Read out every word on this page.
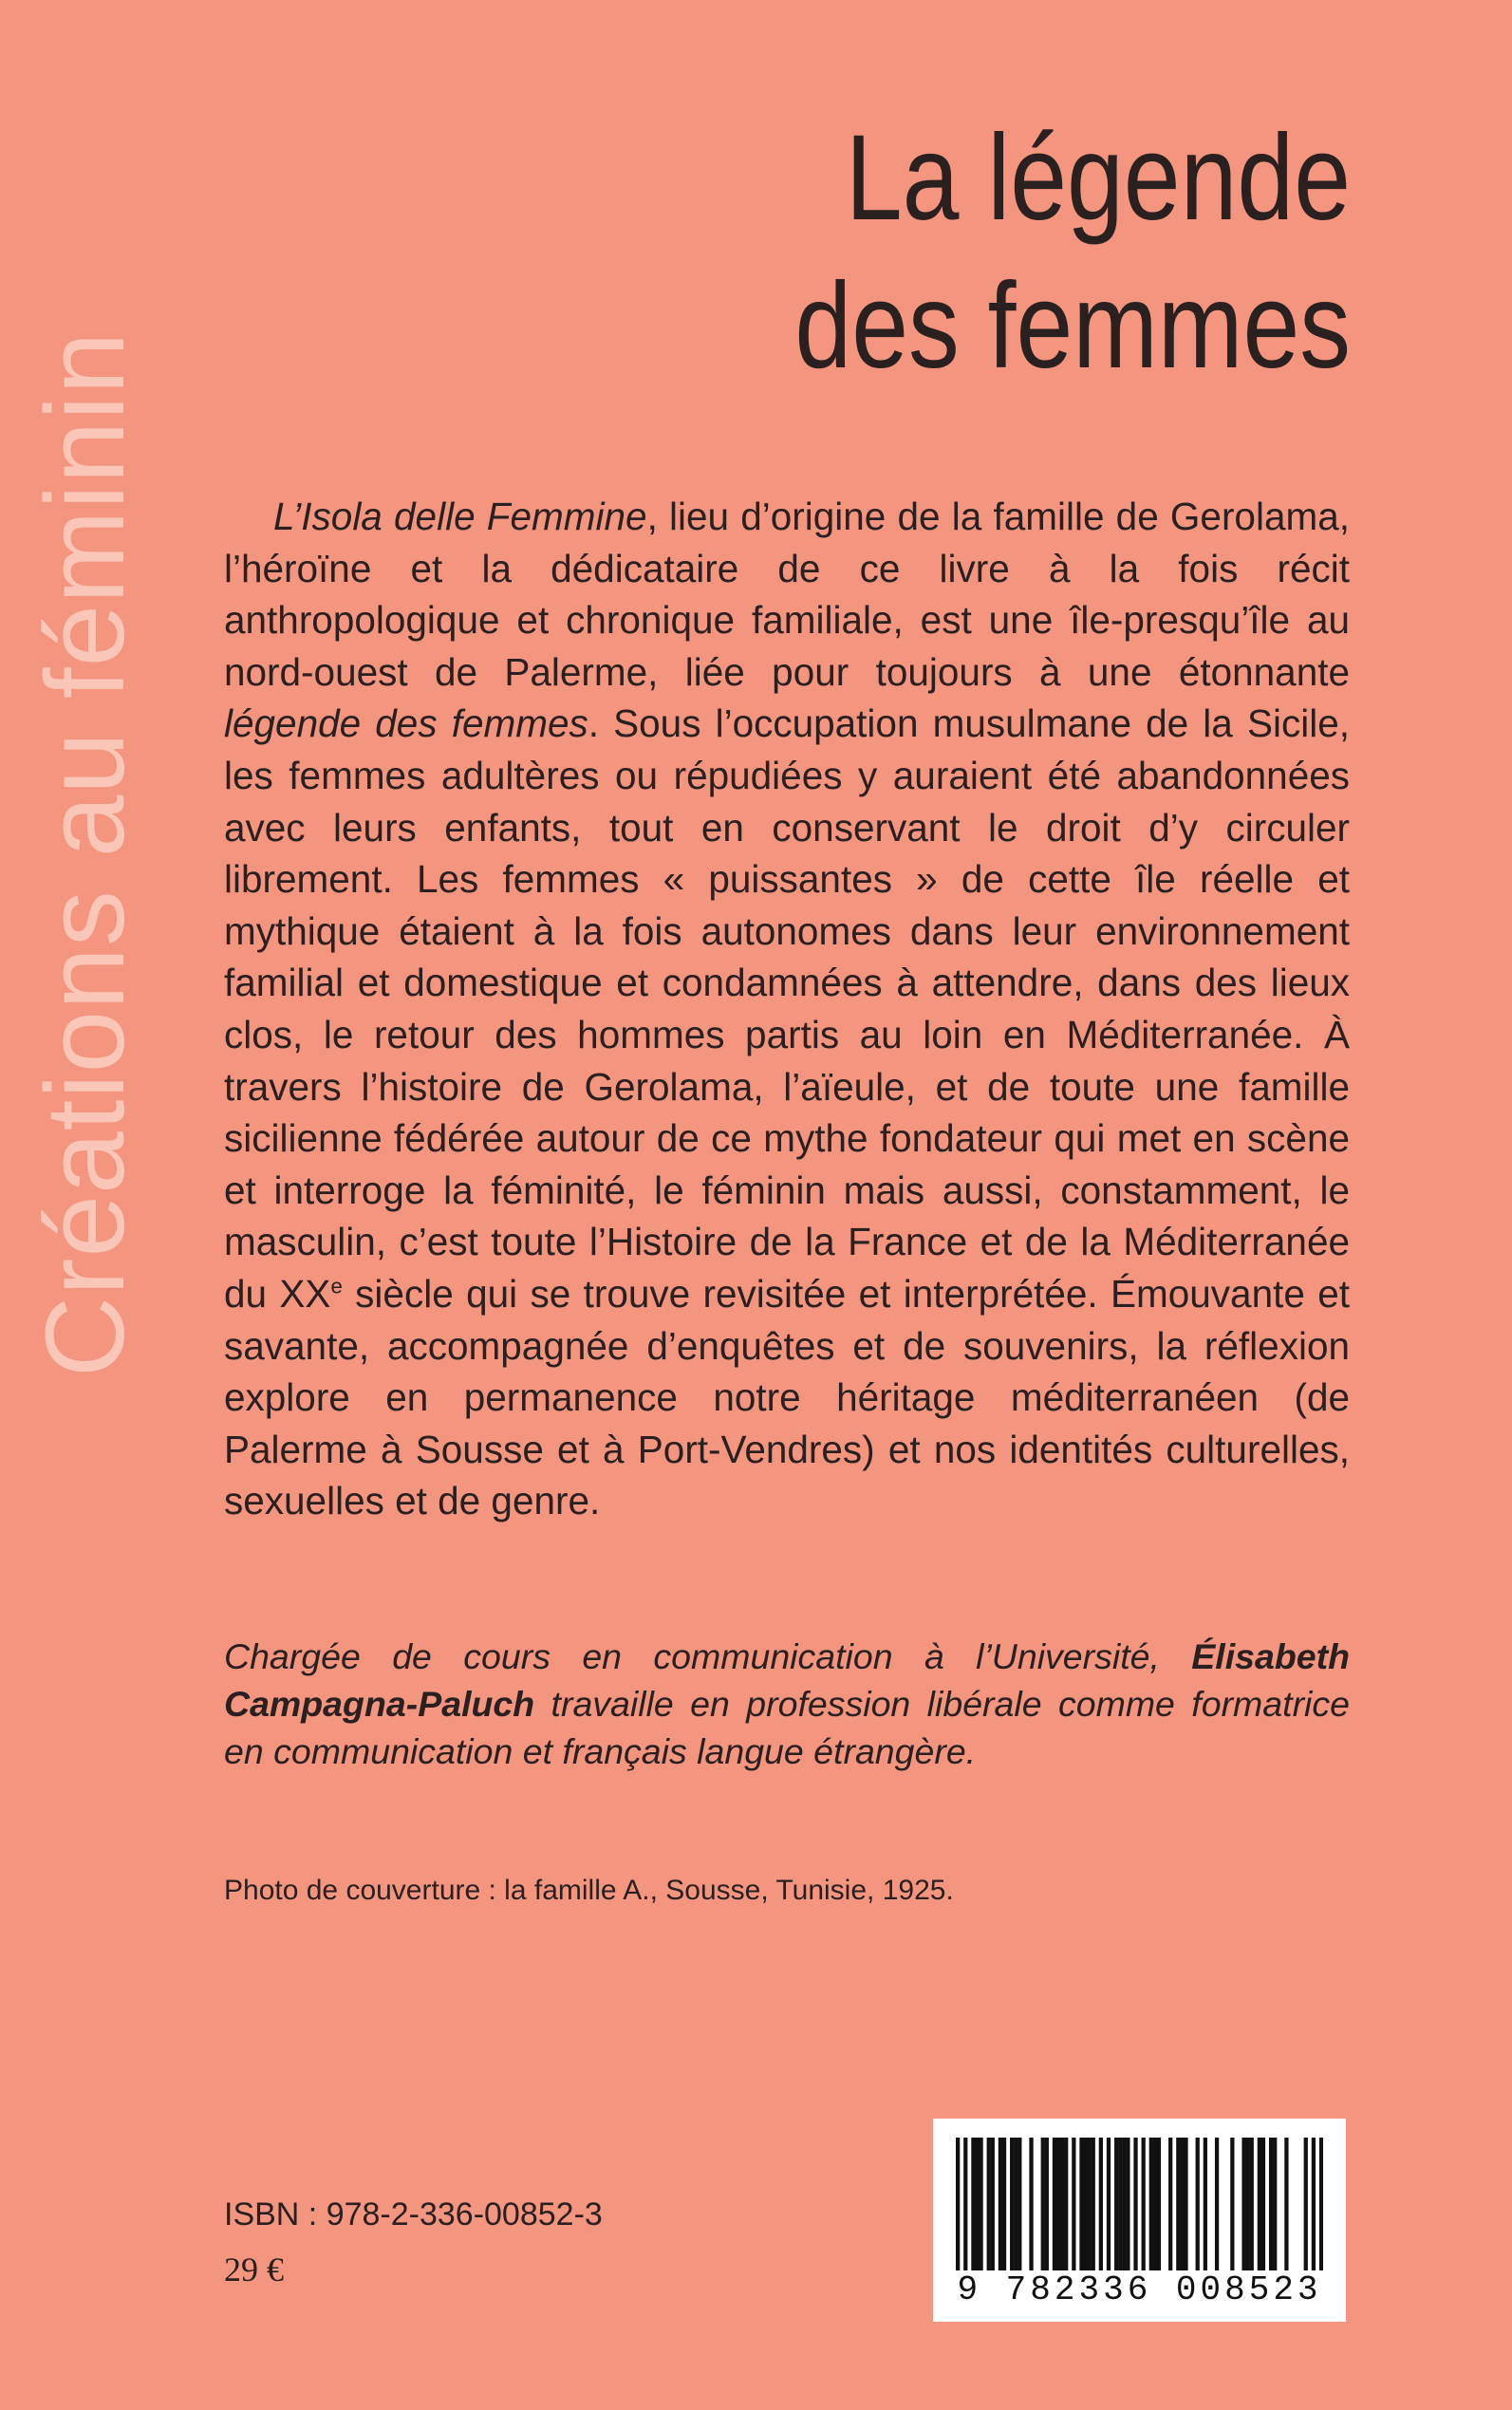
Créations au féminin
La légende
des femmes

L’Isola delle Femmine, lieu d’origine de la famille de Gerolama, l’héroïne et la dédicataire de ce livre à la fois récit anthropologique et chronique familiale, est une île-presqu’île au nord-ouest de Palerme, liée pour toujours à une étonnante légende des femmes. Sous l’occupation musulmane de la Sicile, les femmes adultères ou répudiées y auraient été abandonnées avec leurs enfants, tout en conservant le droit d’y circuler librement. Les femmes « puissantes » de cette île réelle et mythique étaient à la fois autonomes dans leur environnement familial et domestique et condamnées à attendre, dans des lieux clos, le retour des hommes partis au loin en Méditerranée. À travers l’histoire de Gerolama, l’aïeule, et de toute une famille sicilienne fédérée autour de ce mythe fondateur qui met en scène et interroge la féminité, le féminin mais aussi, constamment, le masculin, c’est toute l’Histoire de la France et de la Méditerranée du XXe siècle qui se trouve revisitée et interprétée. Émouvante et savante, accompagnée d’enquêtes et de souvenirs, la réflexion explore en permanence notre héritage méditerranéen (de Palerme à Sousse et à Port-Vendres) et nos identités culturelles, sexuelles et de genre.

Chargée de cours en communication à l’Université, Élisabeth Campagna-Paluch travaille en profession libérale comme formatrice en communication et français langue étrangère.

Photo de couverture : la famille A., Sousse, Tunisie, 1925.
ISBN : 978-2-336-00852-3
29 €
9 782336 008523
